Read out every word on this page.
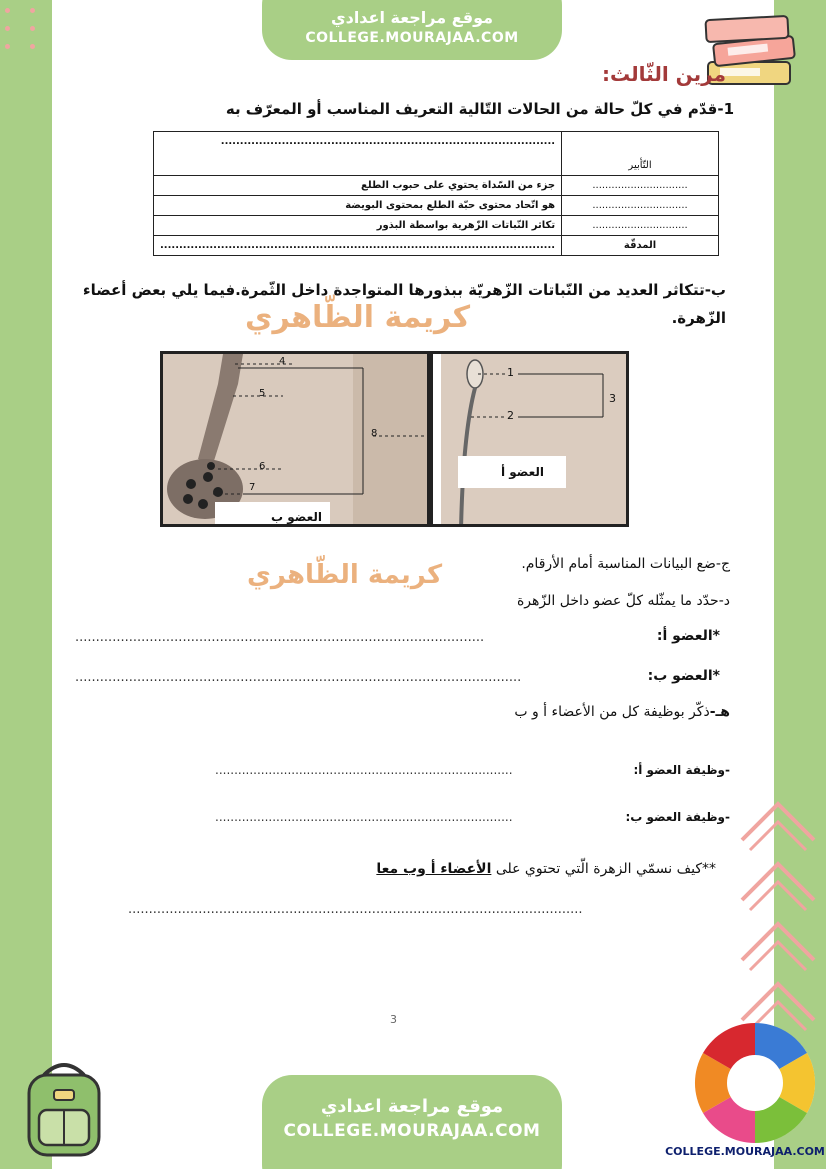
موقع مراجعة اعدادي
COLLEGE.MOURAJAA.COM
مرين الثّالث:
1-قدّم في كلّ حالة من الحالات التّالية التعريف المناسب أو المعرّف به
........................................................................................	التّأبير
جزء من السّداة يحتوي على حبوب الطلع	..............................
هو اتّحاد محتوى حبّة الطلع بمحتوى البويضة	..............................
تكاثر النّباتات الزّهرية بواسطة البذور	..............................
........................................................................................................	المدقّة
ب-تتكاثر العديد من النّباتات الزّهريّة ببذورها المتواجدة داخل الثّمرة.فيما يلي بعض أعضاء
الزّهرة.
كريمة الظّاهري
4
5
6
7
8
العضو ب
1
2
3
العضو أ
ج-ضع البيانات المناسبة أمام الأرقام.
كريمة الظّاهري
د-حدّد ما يمثّله كلّ عضو داخل الزّهرة
*العضو أ:
...................................................................................................
*العضو ب:
............................................................................................................
هـ-ذكّر بوظيفة كل من الأعضاء أ و ب
-وظيفة العضو أ:
..............................................................................
-وظيفة العضو ب:
..............................................................................
**كيف نسمّي الزهرة الّتي تحتوي على الأعضاء أ وب معا
..............................................................................................................
3
موقع مراجعة اعدادي
COLLEGE.MOURAJAA.COM
COLLEGE.MOURAJAA.COM
